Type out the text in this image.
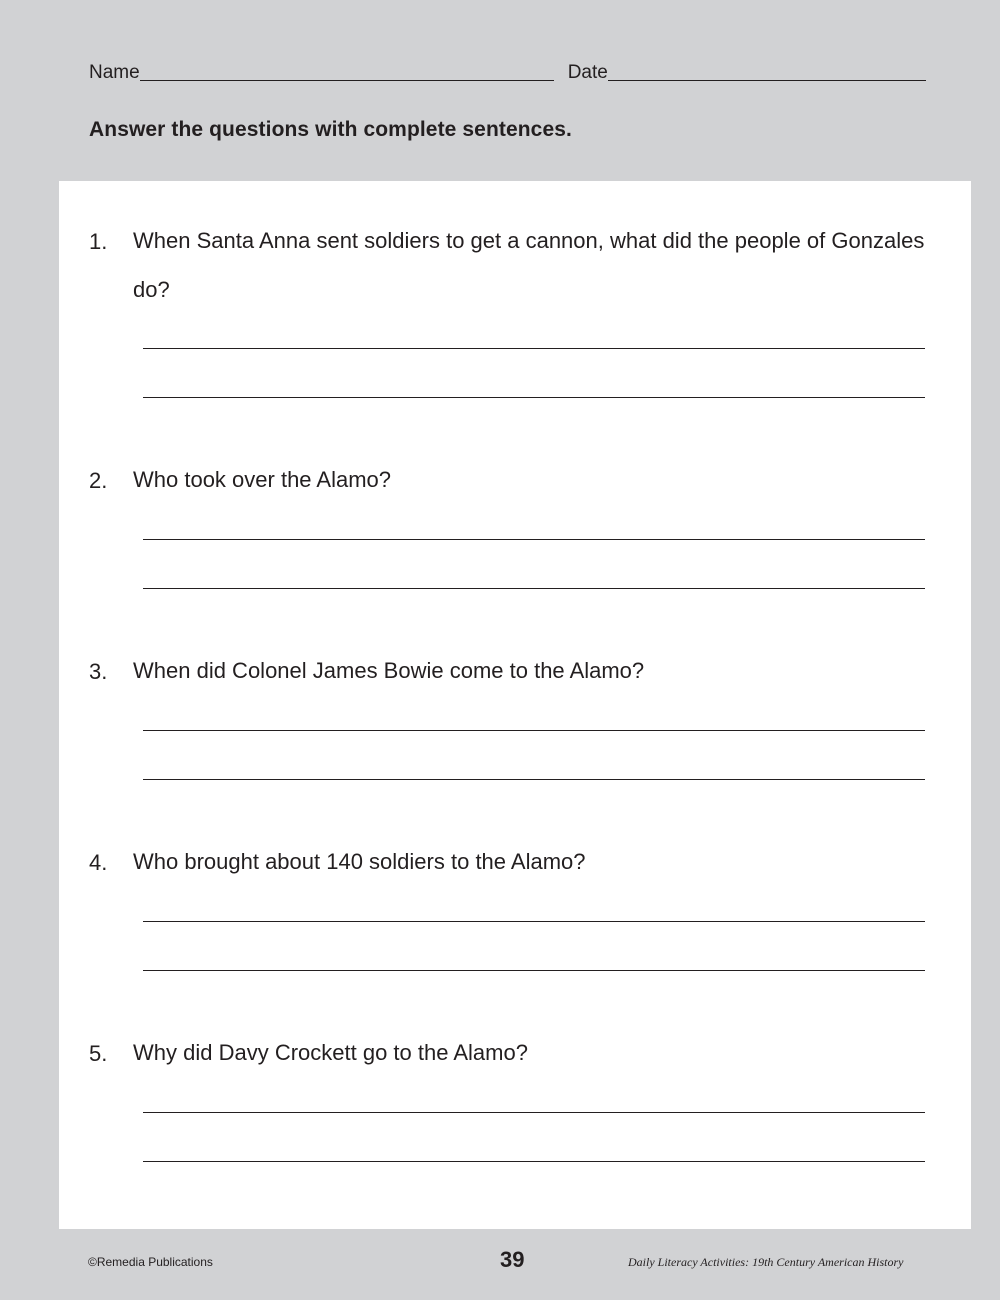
Name	Date
Answer the questions with complete sentences.
1.	When Santa Anna sent soldiers to get a cannon, what did the people of Gonzales do?
2.	Who took over the Alamo?
3.	When did Colonel James Bowie come to the Alamo?
4.	Who brought about 140 soldiers to the Alamo?
5.	Why did Davy Crockett go to the Alamo?
©Remedia Publications	39	Daily Literacy Activities: 19th Century American History
